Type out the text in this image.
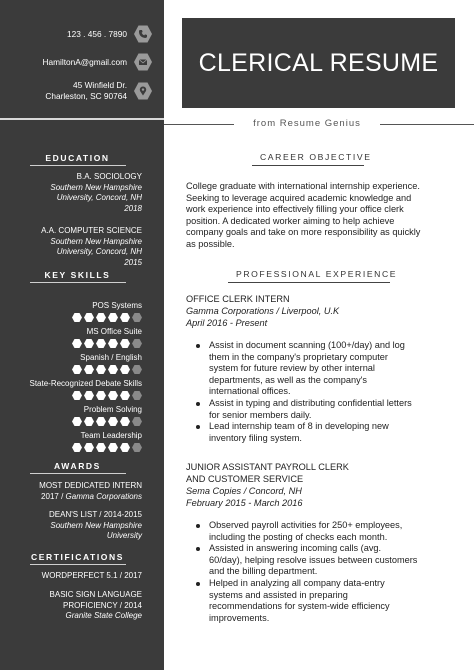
123 . 456 . 7890
HamiltonA@gmail.com
45 Winfield Dr.
Charleston, SC 90764
EDUCATION
B.A. SOCIOLOGY
Southern New Hampshire
University, Concord, NH
2018
A.A. COMPUTER SCIENCE
Southern New Hampshire
University, Concord, NH
2015
KEY SKILLS
POS Systems
MS Office Suite
Spanish / English
State-Recognized Debate Skills
Problem Solving
Team Leadership
AWARDS
MOST DEDICATED INTERN
2017 / Gamma Corporations
DEAN'S LIST / 2014-2015
Southern New Hampshire
University
CERTIFICATIONS
WORDPERFECT 5.1 / 2017
BASIC SIGN LANGUAGE
PROFICIENCY / 2014
Granite State College
CLERICAL RESUME
from Resume Genius
CAREER OBJECTIVE
College graduate with international internship experience.
Seeking to leverage acquired academic knowledge and
work experience into effectively filling your office clerk
position. A dedicated worker aiming to help achieve
company goals and take on more responsibility as quickly
as possible.
PROFESSIONAL EXPERIENCE
OFFICE CLERK INTERN
Gamma Corporations / Liverpool, U.K
April 2016 - Present
Assist in document scanning (100+/day) and log
them in the company's proprietary computer
system for future review by other internal
departments, as well as the company's
international offices.
Assist in typing and distributing confidential letters
for senior members daily.
Lead internship team of 8 in developing new
inventory filing system.
JUNIOR ASSISTANT PAYROLL CLERK
AND CUSTOMER SERVICE
Sema Copies / Concord, NH
February 2015 - March 2016
Observed payroll activities for 250+ employees,
including the posting of checks each month.
Assisted in answering incoming calls (avg.
60/day), helping resolve issues between customers
and the billing department.
Helped in analyzing all company data-entry
systems and assisted in preparing
recommendations for system-wide efficiency
improvements.
